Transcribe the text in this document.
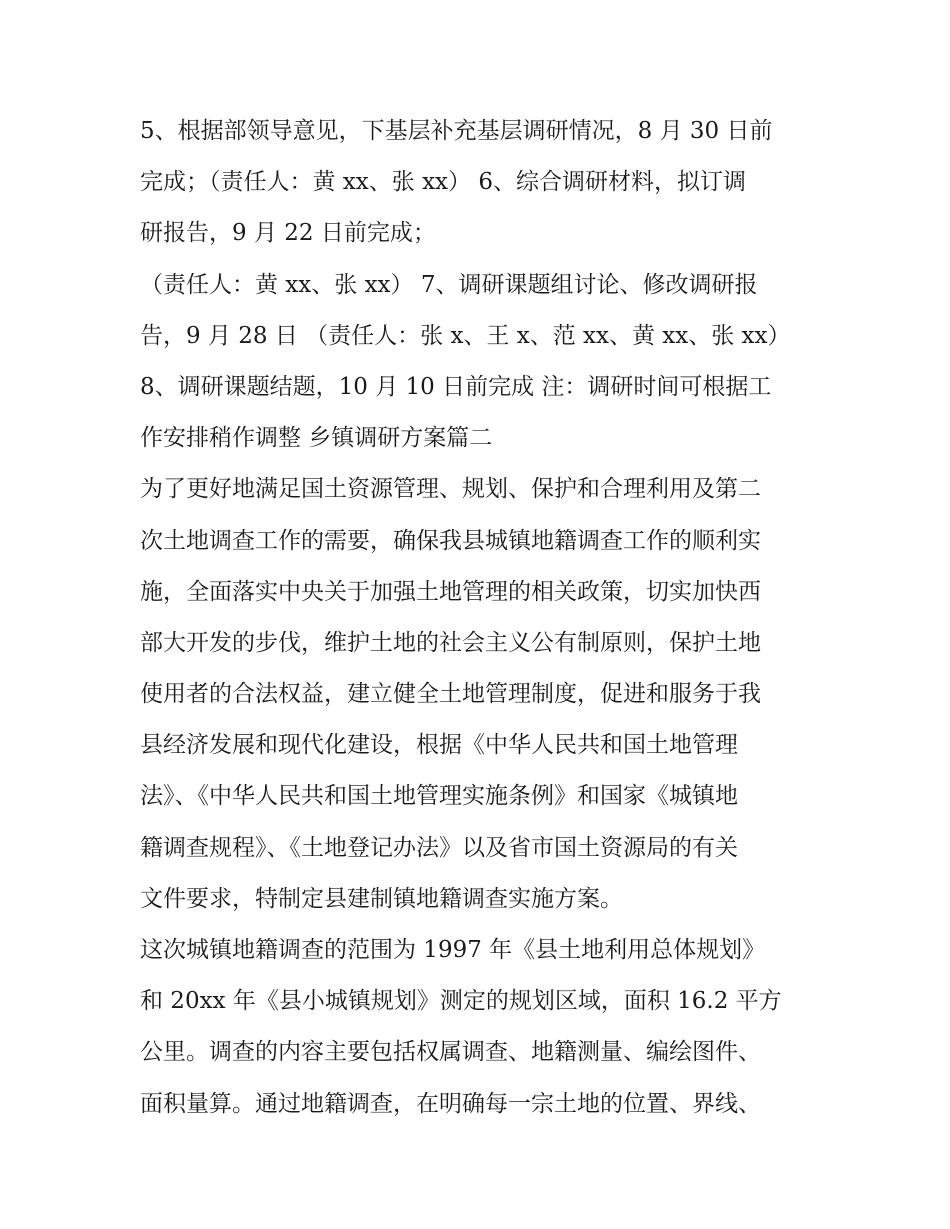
5、根据部领导意见，下基层补充基层调研情况，8 月 30 日前
完成；（责任人：黄 xx、张 xx） 6、综合调研材料，拟订调
研报告，9 月 22 日前完成；
（责任人：黄 xx、张 xx） 7、调研课题组讨论、修改调研报
告，9 月 28 日 （责任人：张 x、王 x、范 xx、黄 xx、张 xx）
8、调研课题结题，10 月 10 日前完成 注：调研时间可根据工
作安排稍作调整 乡镇调研方案篇二
为了更好地满足国土资源管理、规划、保护和合理利用及第二
次土地调查工作的需要，确保我县城镇地籍调查工作的顺利实
施，全面落实中央关于加强土地管理的相关政策，切实加快西
部大开发的步伐，维护土地的社会主义公有制原则，保护土地
使用者的合法权益，建立健全土地管理制度，促进和服务于我
县经济发展和现代化建设，根据《中华人民共和国土地管理
法》、《中华人民共和国土地管理实施条例》和国家《城镇地
籍调查规程》、《土地登记办法》以及省市国土资源局的有关
文件要求，特制定县建制镇地籍调查实施方案。
这次城镇地籍调查的范围为 1997 年《县土地利用总体规划》
和 20xx 年《县小城镇规划》测定的规划区域，面积 16.2 平方
公里。调查的内容主要包括权属调查、地籍测量、编绘图件、
面积量算。通过地籍调查，在明确每一宗土地的位置、界线、
